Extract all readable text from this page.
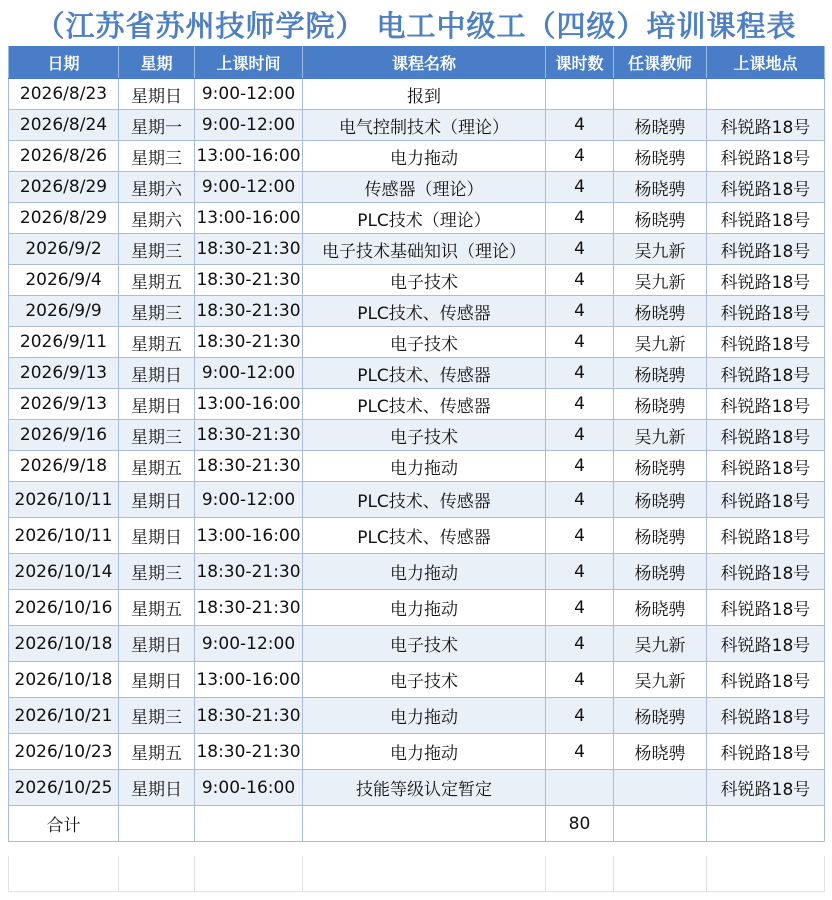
（江苏省苏州技师学院） 电工中级工（四级）培训课程表
日期	星期	上课时间	课程名称	课时数	任课教师	上课地点
2026/8/23	星期日	9:00-12:00	报到			
2026/8/24	星期一	9:00-12:00	电气控制技术（理论）	4	杨晓骋	科锐路18号
2026/8/26	星期三	13:00-16:00	电力拖动	4	杨晓骋	科锐路18号
2026/8/29	星期六	9:00-12:00	传感器（理论）	4	杨晓骋	科锐路18号
2026/8/29	星期六	13:00-16:00	PLC技术（理论）	4	杨晓骋	科锐路18号
2026/9/2	星期三	18:30-21:30	电子技术基础知识（理论）	4	吴九新	科锐路18号
2026/9/4	星期五	18:30-21:30	电子技术	4	吴九新	科锐路18号
2026/9/9	星期三	18:30-21:30	PLC技术、传感器	4	杨晓骋	科锐路18号
2026/9/11	星期五	18:30-21:30	电子技术	4	吴九新	科锐路18号
2026/9/13	星期日	9:00-12:00	PLC技术、传感器	4	杨晓骋	科锐路18号
2026/9/13	星期日	13:00-16:00	PLC技术、传感器	4	杨晓骋	科锐路18号
2026/9/16	星期三	18:30-21:30	电子技术	4	吴九新	科锐路18号
2026/9/18	星期五	18:30-21:30	电力拖动	4	杨晓骋	科锐路18号
2026/10/11	星期日	9:00-12:00	PLC技术、传感器	4	杨晓骋	科锐路18号
2026/10/11	星期日	13:00-16:00	PLC技术、传感器	4	杨晓骋	科锐路18号
2026/10/14	星期三	18:30-21:30	电力拖动	4	杨晓骋	科锐路18号
2026/10/16	星期五	18:30-21:30	电力拖动	4	杨晓骋	科锐路18号
2026/10/18	星期日	9:00-12:00	电子技术	4	吴九新	科锐路18号
2026/10/18	星期日	13:00-16:00	电子技术	4	吴九新	科锐路18号
2026/10/21	星期三	18:30-21:30	电力拖动	4	杨晓骋	科锐路18号
2026/10/23	星期五	18:30-21:30	电力拖动	4	杨晓骋	科锐路18号
2026/10/25	星期日	9:00-16:00	技能等级认定暂定			科锐路18号
合计				80		
